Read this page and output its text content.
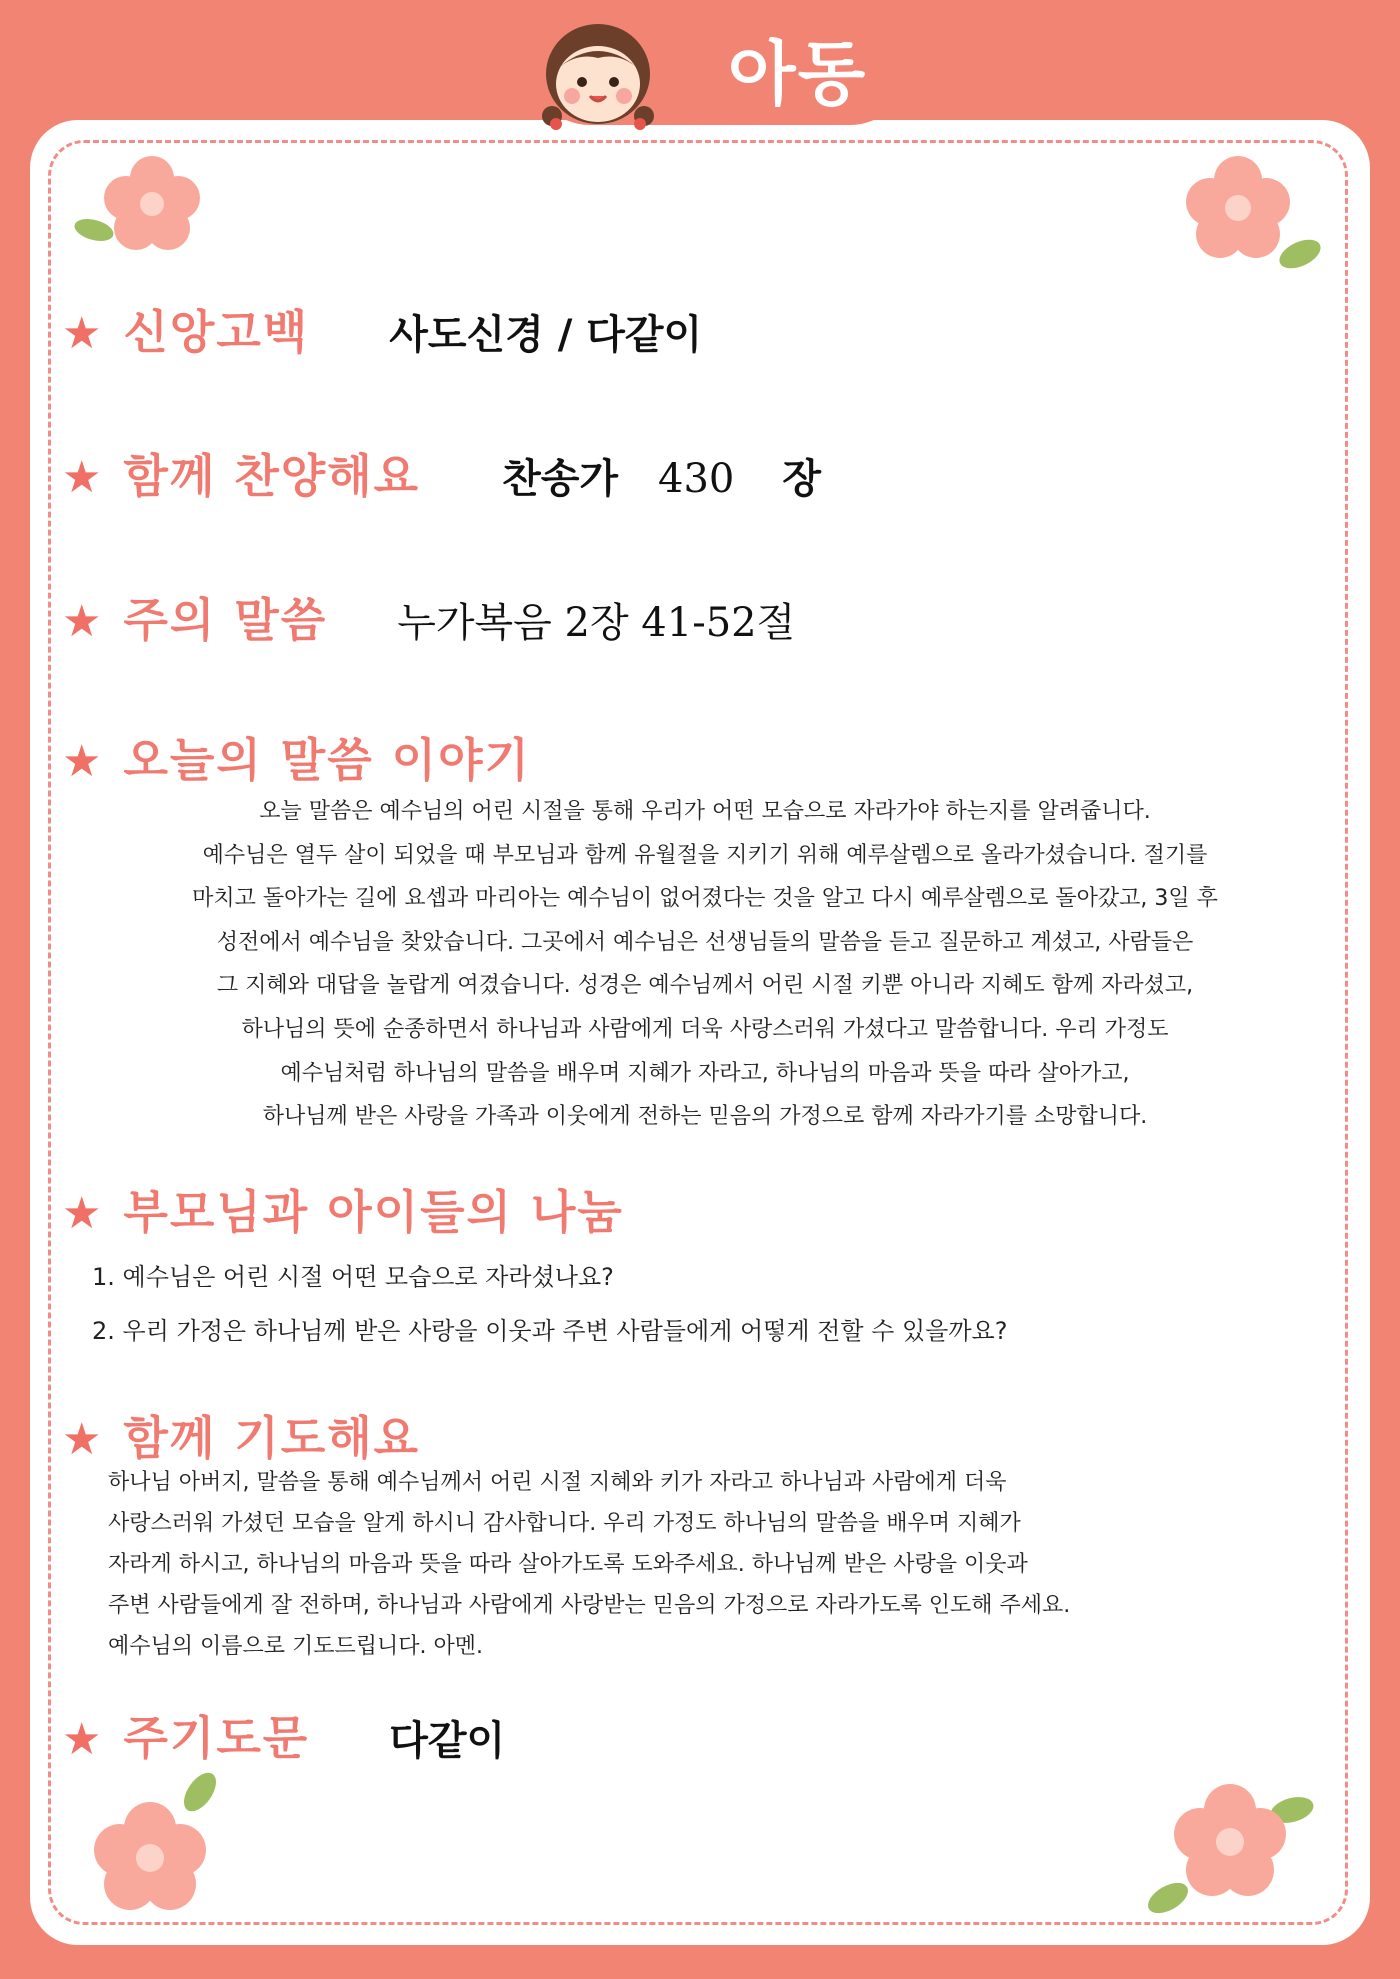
아동
★ 신앙고백 사도신경 / 다같이
★ 함께 찬양해요 찬송가 430 장
★ 주의 말씀 누가복음 2장 41-52절
★ 오늘의 말씀 이야기

오늘 말씀은 예수님의 어린 시절을 통해 우리가 어떤 모습으로 자라가야 하는지를 알려줍니다.

예수님은 열두 살이 되었을 때 부모님과 함께 유월절을 지키기 위해 예루살렘으로 올라가셨습니다. 절기를

마치고 돌아가는 길에 요셉과 마리아는 예수님이 없어졌다는 것을 알고 다시 예루살렘으로 돌아갔고, 3일 후

성전에서 예수님을 찾았습니다. 그곳에서 예수님은 선생님들의 말씀을 듣고 질문하고 계셨고, 사람들은

그 지혜와 대답을 놀랍게 여겼습니다. 성경은 예수님께서 어린 시절 키뿐 아니라 지혜도 함께 자라셨고,

하나님의 뜻에 순종하면서 하나님과 사람에게 더욱 사랑스러워 가셨다고 말씀합니다. 우리 가정도

예수님처럼 하나님의 말씀을 배우며 지혜가 자라고, 하나님의 마음과 뜻을 따라 살아가고,

하나님께 받은 사랑을 가족과 이웃에게 전하는 믿음의 가정으로 함께 자라가기를 소망합니다.

★ 부모님과 아이들의 나눔

1. 예수님은 어린 시절 어떤 모습으로 자라셨나요?

2. 우리 가정은 하나님께 받은 사랑을 이웃과 주변 사람들에게 어떻게 전할 수 있을까요?

★ 함께 기도해요

하나님 아버지, 말씀을 통해 예수님께서 어린 시절 지혜와 키가 자라고 하나님과 사람에게 더욱

사랑스러워 가셨던 모습을 알게 하시니 감사합니다. 우리 가정도 하나님의 말씀을 배우며 지혜가

자라게 하시고, 하나님의 마음과 뜻을 따라 살아가도록 도와주세요. 하나님께 받은 사랑을 이웃과

주변 사람들에게 잘 전하며, 하나님과 사람에게 사랑받는 믿음의 가정으로 자라가도록 인도해 주세요.

예수님의 이름으로 기도드립니다. 아멘.

★ 주기도문 다같이
